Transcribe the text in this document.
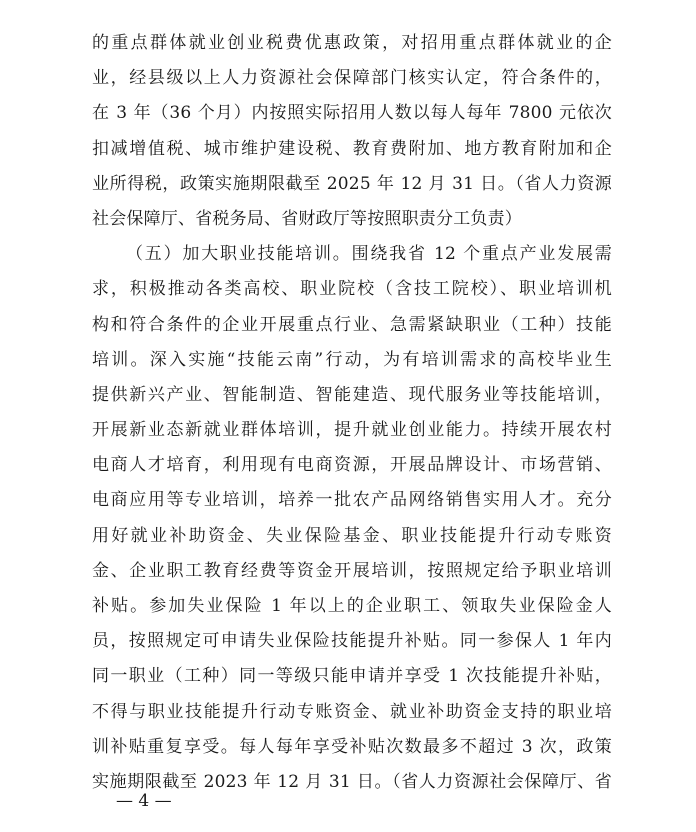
的重点群体就业创业税费优惠政策，对招用重点群体就业的企
业，经县级以上人力资源社会保障部门核实认定，符合条件的，
在 3 年（36 个月）内按照实际招用人数以每人每年 7800 元依次
扣减增值税、城市维护建设税、教育费附加、地方教育附加和企
业所得税，政策实施期限截至 2025 年 12 月 31 日。（省人力资源
社会保障厅、省税务局、省财政厅等按照职责分工负责）
（五）加大职业技能培训。围绕我省 12 个重点产业发展需
求，积极推动各类高校、职业院校（含技工院校）、职业培训机
构和符合条件的企业开展重点行业、急需紧缺职业（工种）技能
培训。深入实施“技能云南”行动，为有培训需求的高校毕业生
提供新兴产业、智能制造、智能建造、现代服务业等技能培训，
开展新业态新就业群体培训，提升就业创业能力。持续开展农村
电商人才培育，利用现有电商资源，开展品牌设计、市场营销、
电商应用等专业培训，培养一批农产品网络销售实用人才。充分
用好就业补助资金、失业保险基金、职业技能提升行动专账资
金、企业职工教育经费等资金开展培训，按照规定给予职业培训
补贴。参加失业保险 1 年以上的企业职工、领取失业保险金人
员，按照规定可申请失业保险技能提升补贴。同一参保人 1 年内
同一职业（工种）同一等级只能申请并享受 1 次技能提升补贴，
不得与职业技能提升行动专账资金、就业补助资金支持的职业培
训补贴重复享受。每人每年享受补贴次数最多不超过 3 次，政策
实施期限截至 2023 年 12 月 31 日。（省人力资源社会保障厅、省
— 4 —
